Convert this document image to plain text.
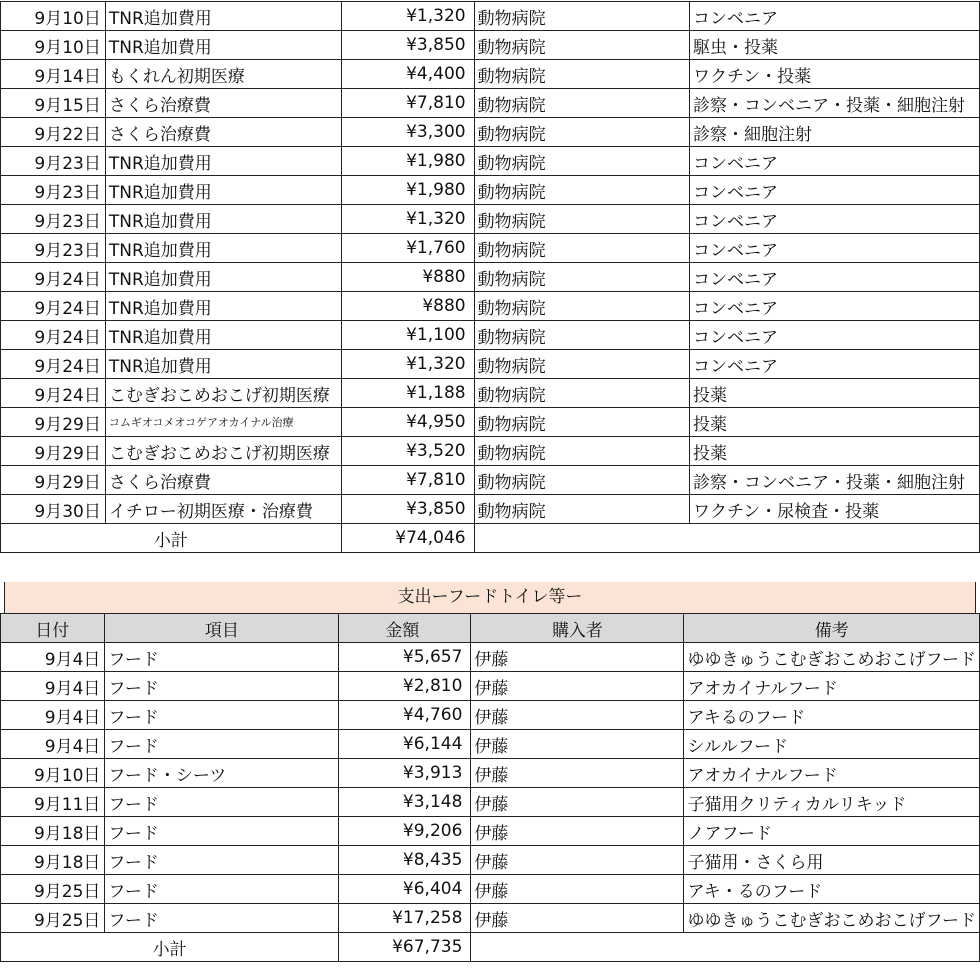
9月10日	TNR追加費用	¥1,320	動物病院	コンベニア
9月10日	TNR追加費用	¥3,850	動物病院	駆虫・投薬
9月14日	もくれん初期医療	¥4,400	動物病院	ワクチン・投薬
9月15日	さくら治療費	¥7,810	動物病院	診察・コンベニア・投薬・細胞注射
9月22日	さくら治療費	¥3,300	動物病院	診察・細胞注射
9月23日	TNR追加費用	¥1,980	動物病院	コンベニア
9月23日	TNR追加費用	¥1,980	動物病院	コンベニア
9月23日	TNR追加費用	¥1,320	動物病院	コンベニア
9月23日	TNR追加費用	¥1,760	動物病院	コンベニア
9月24日	TNR追加費用	¥880	動物病院	コンベニア
9月24日	TNR追加費用	¥880	動物病院	コンベニア
9月24日	TNR追加費用	¥1,100	動物病院	コンベニア
9月24日	TNR追加費用	¥1,320	動物病院	コンベニア
9月24日	こむぎおこめおこげ初期医療	¥1,188	動物病院	投薬
9月29日	コムギオコメオコゲアオカイナル治療	¥4,950	動物病院	投薬
9月29日	こむぎおこめおこげ初期医療	¥3,520	動物病院	投薬
9月29日	さくら治療費	¥7,810	動物病院	診察・コンベニア・投薬・細胞注射
9月30日	イチロー初期医療・治療費	¥3,850	動物病院	ワクチン・尿検査・投薬
小計		¥74,046		
支出ーフードトイレ等ー
日付	項目	金額	購入者	備考
9月4日	フード	¥5,657	伊藤	ゆゆきゅうこむぎおこめおこげフード
9月4日	フード	¥2,810	伊藤	アオカイナルフード
9月4日	フード	¥4,760	伊藤	アキるのフード
9月4日	フード	¥6,144	伊藤	シルルフード
9月10日	フード・シーツ	¥3,913	伊藤	アオカイナルフード
9月11日	フード	¥3,148	伊藤	子猫用クリティカルリキッド
9月18日	フード	¥9,206	伊藤	ノアフード
9月18日	フード	¥8,435	伊藤	子猫用・さくら用
9月25日	フード	¥6,404	伊藤	アキ・るのフード
9月25日	フード	¥17,258	伊藤	ゆゆきゅうこむぎおこめおこげフード
小計		¥67,735		
